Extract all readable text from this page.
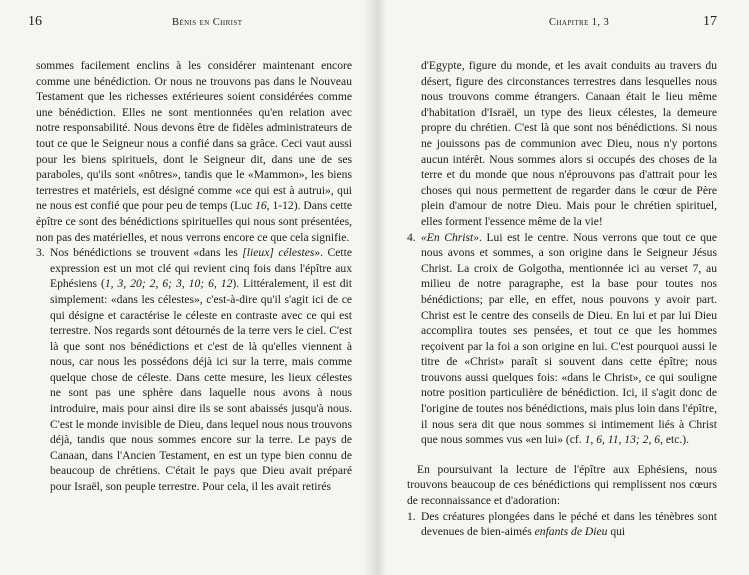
16	Bénis en Christ

sommes facilement enclins à les considérer maintenant encore comme une bénédiction. Or nous ne trouvons pas dans le Nouveau Testament que les richesses extérieures soient considérées comme une bénédiction. Elles ne sont mentionnées qu'en relation avec notre responsabilité. Nous devons être de fidèles administrateurs de tout ce que le Seigneur nous a confié dans sa grâce. Ceci vaut aussi pour les biens spirituels, dont le Seigneur dit, dans une de ses paraboles, qu'ils sont «nôtres», tandis que le «Mammon», les biens terrestres et matériels, est désigné comme «ce qui est à autrui», qui ne nous est confié que pour peu de temps (Luc 16, 1-12). Dans cette épître ce sont des bénédictions spirituelles qui nous sont présentées, non pas des matérielles, et nous verrons encore ce que cela signifie.

3. Nos bénédictions se trouvent «dans les [lieux] célestes». Cette expression est un mot clé qui revient cinq fois dans l'épître aux Ephésiens (1, 3, 20; 2, 6; 3, 10; 6, 12). Littéralement, il est dit simplement: «dans les célestes», c'est-à-dire qu'il s'agit ici de ce qui désigne et caractérise le céleste en contraste avec ce qui est terrestre. Nos regards sont détournés de la terre vers le ciel. C'est là que sont nos bénédictions et c'est de là qu'elles viennent à nous, car nous les possédons déjà ici sur la terre, mais comme quelque chose de céleste. Dans cette mesure, les lieux célestes ne sont pas une sphère dans laquelle nous avons à nous introduire, mais pour ainsi dire ils se sont abaissés jusqu'à nous. C'est le monde invisible de Dieu, dans lequel nous nous trouvons déjà, tandis que nous sommes encore sur la terre. Le pays de Canaan, dans l'Ancien Testament, en est un type bien connu de beaucoup de chrétiens. C'était le pays que Dieu avait préparé pour Israël, son peuple terrestre. Pour cela, il les avait retirés

Chapitre 1, 3	17

d'Egypte, figure du monde, et les avait conduits au travers du désert, figure des circonstances terrestres dans lesquelles nous nous trouvons comme étrangers. Canaan était le lieu même d'habitation d'Israël, un type des lieux célestes, la demeure propre du chrétien. C'est là que sont nos bénédictions. Si nous ne jouissons pas de communion avec Dieu, nous n'y portons aucun intérêt. Nous sommes alors si occupés des choses de la terre et du monde que nous n'éprouvons pas d'attrait pour les choses qui nous permettent de regarder dans le cœur de Père plein d'amour de notre Dieu. Mais pour le chrétien spirituel, elles forment l'essence même de la vie!

4. «En Christ». Lui est le centre. Nous verrons que tout ce que nous avons et sommes, a son origine dans le Seigneur Jésus Christ. La croix de Golgotha, mentionnée ici au verset 7, au milieu de notre paragraphe, est la base pour toutes nos bénédictions; par elle, en effet, nous pouvons y avoir part. Christ est le centre des conseils de Dieu. En lui et par lui Dieu accomplira toutes ses pensées, et tout ce que les hommes reçoivent par la foi a son origine en lui. C'est pourquoi aussi le titre de «Christ» paraît si souvent dans cette épître; nous trouvons aussi quelques fois: «dans le Christ», ce qui souligne notre position particulière de bénédiction. Ici, il s'agit donc de l'origine de toutes nos bénédictions, mais plus loin dans l'épître, il nous sera dit que nous sommes si intimement liés à Christ que nous sommes vus «en lui» (cf. 1, 6, 11, 13; 2, 6, etc.).

En poursuivant la lecture de l'épître aux Ephésiens, nous trouvons beaucoup de ces bénédictions qui remplissent nos cœurs de reconnaissance et d'adoration:

1. Des créatures plongées dans le péché et dans les ténèbres sont devenues de bien-aimés enfants de Dieu qui
